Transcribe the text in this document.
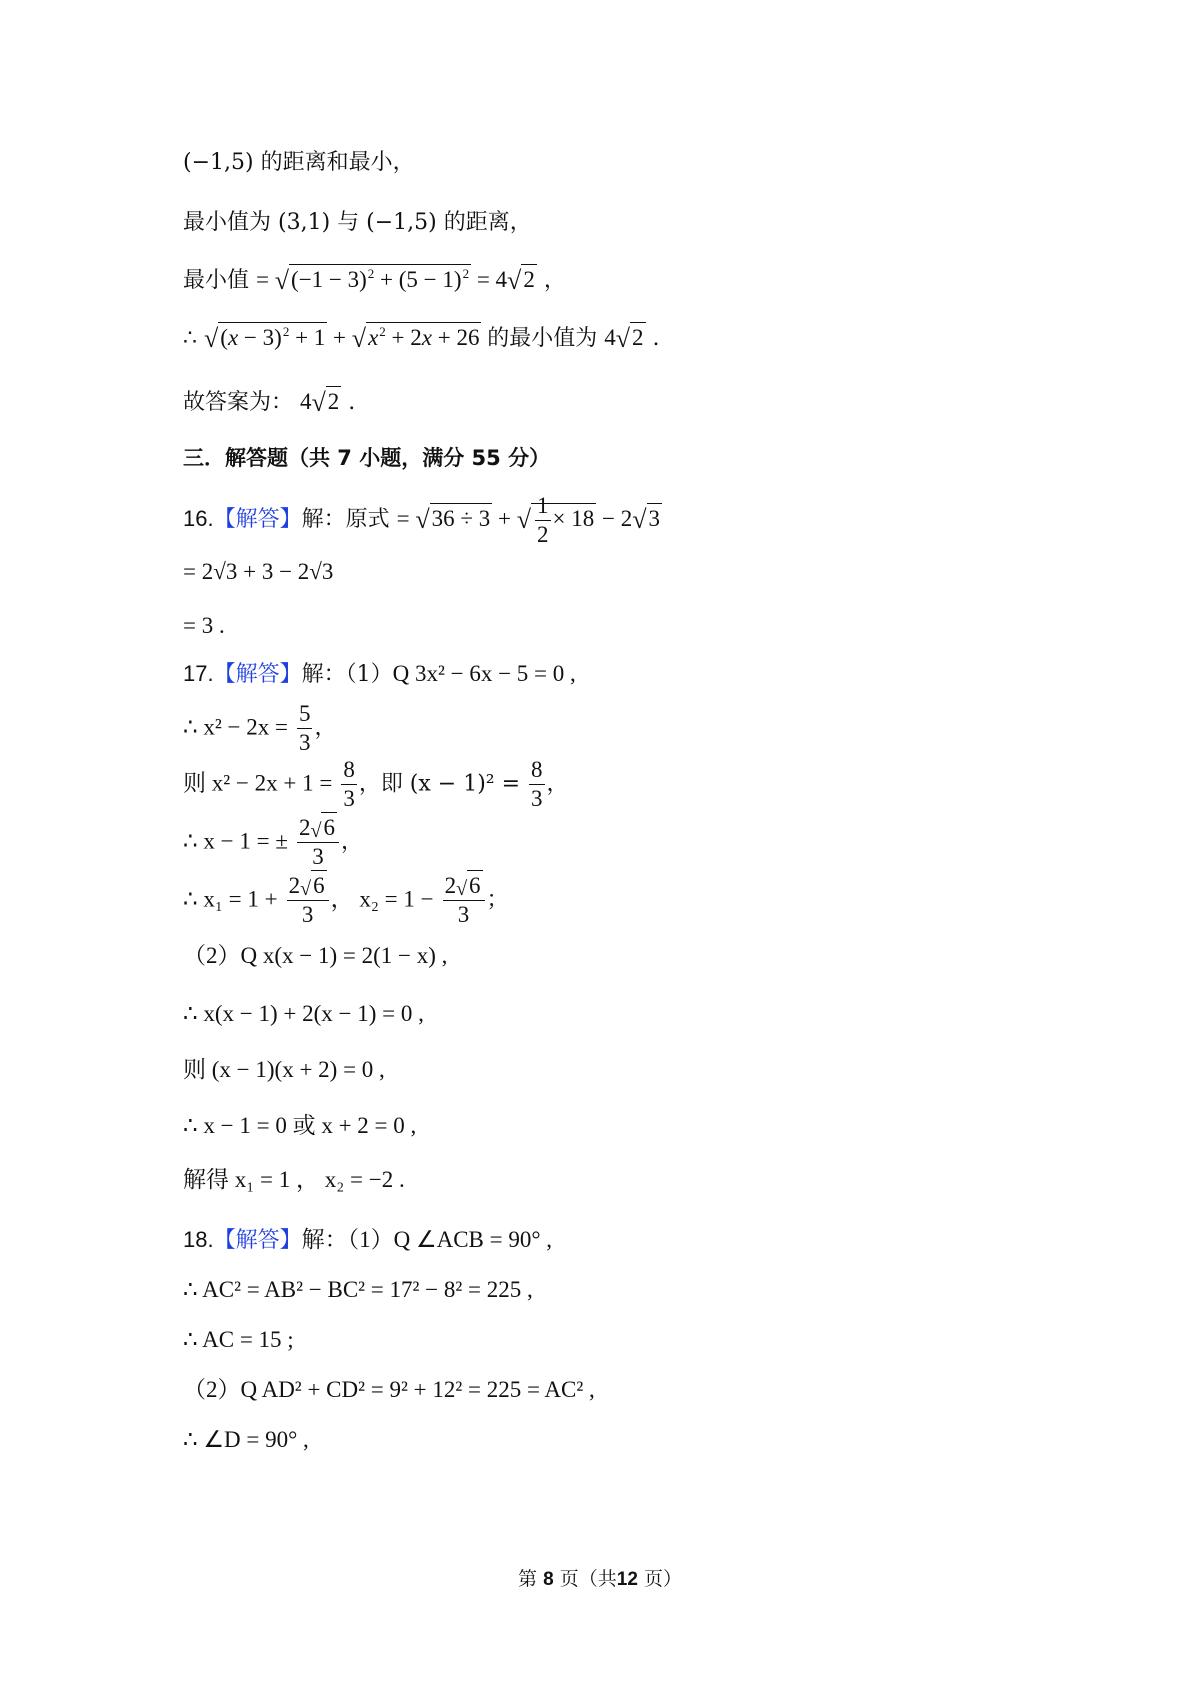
(−1,5) 的距离和最小，
最小值为 (3,1) 与 (−1,5) 的距离，
最小值 = $√(-1 - 3)^2 + (5 - 1)^2 = 4√2$ ，
∴ $√(x - 3)^2 + 1 + √x^2 + 2x + 26$ 的最小值为 4√2 .
故答案为： 4√2 .
三．解答题（共 7 小题，满分 55 分）
16.【解答】解：原式 = √36 ÷ 3 + √ $\frac{1}{2} \times 18 - 2√3$
= 2√3 + 3 − 2√3
= 3 .
17.【解答】解：（1）Q 3x² − 6x − 5 = 0 ,
∴ $x^2 - 2x = \frac{5}{3}$ ，
则 $x^2 - 2x + 1 = \frac{8}{3}$ ，即 $(x - 1)^2 = \frac{8}{3}$ ，
∴ x − 1 = ± $\frac{2√6}{3}$ ，
∴ $x_1 = 1 + \frac{2√6}{3}$ ， $x_2 = 1 - \frac{2√6}{3}$ ；
（2）Q x(x − 1) = 2(1 − x) ,
∴ x(x − 1) + 2(x − 1) = 0 ,
则 (x − 1)(x + 2) = 0 ,
∴ x − 1 = 0 或 x + 2 = 0 ,
解得 x₁ = 1 ， x₂ = −2 .
18.【解答】解：（1）Q ∠ACB = 90° ,
∴ AC² = AB² − BC² = 17² − 8² = 225 ,
∴ AC = 15 ;
（2）Q AD² + CD² = 9² + 12² = 225 = AC² ,
∴ ∠D = 90° ,
第 8 页（共12 页）
